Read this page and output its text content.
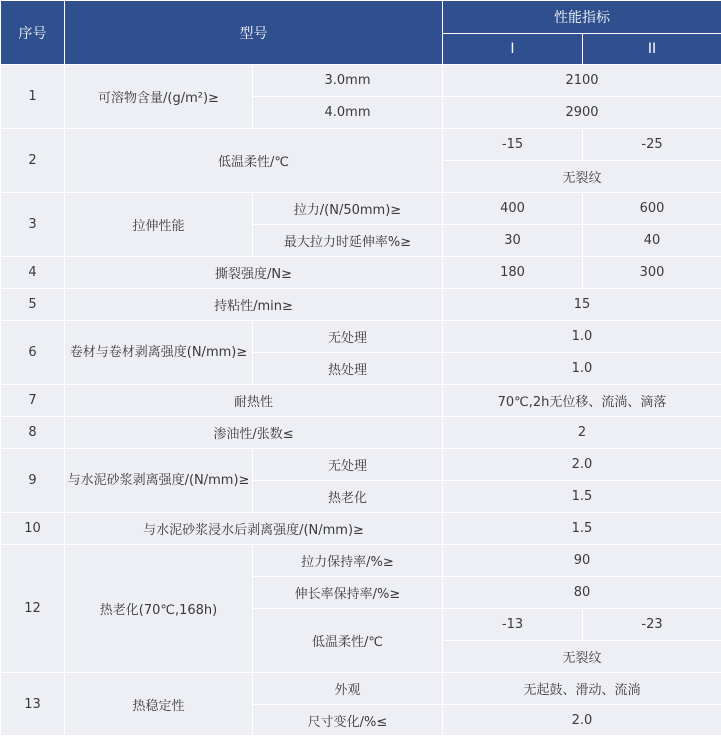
序号	型号		性能指标	
			I	II
1	可溶物含量/(g/m²)≥	3.0mm	2100	
		4.0mm	2900	
2	低温柔性/℃		-15	-25
			无裂纹	
3	拉伸性能	拉力/(N/50mm)≥	400	600
		最大拉力时延伸率%≥	30	40
4	撕裂强度/N≥		180	300
5	持粘性/min≥		15	
6	卷材与卷材剥离强度(N/mm)≥	无处理	1.0	
		热处理	1.0	
7	耐热性		70℃,2h无位移、流淌、滴落	
8	渗油性/张数≤		2	
9	与水泥砂浆剥离强度/(N/mm)≥	无处理	2.0	
		热老化	1.5	
10	与水泥砂浆浸水后剥离强度/(N/mm)≥		1.5	
12	热老化(70℃,168h)	拉力保持率/%≥	90	
		伸长率保持率/%≥	80	
		低温柔性/℃	-13	-23
			无裂纹	
13	热稳定性	外观	无起鼓、滑动、流淌	
		尺寸变化/%≤	2.0	
